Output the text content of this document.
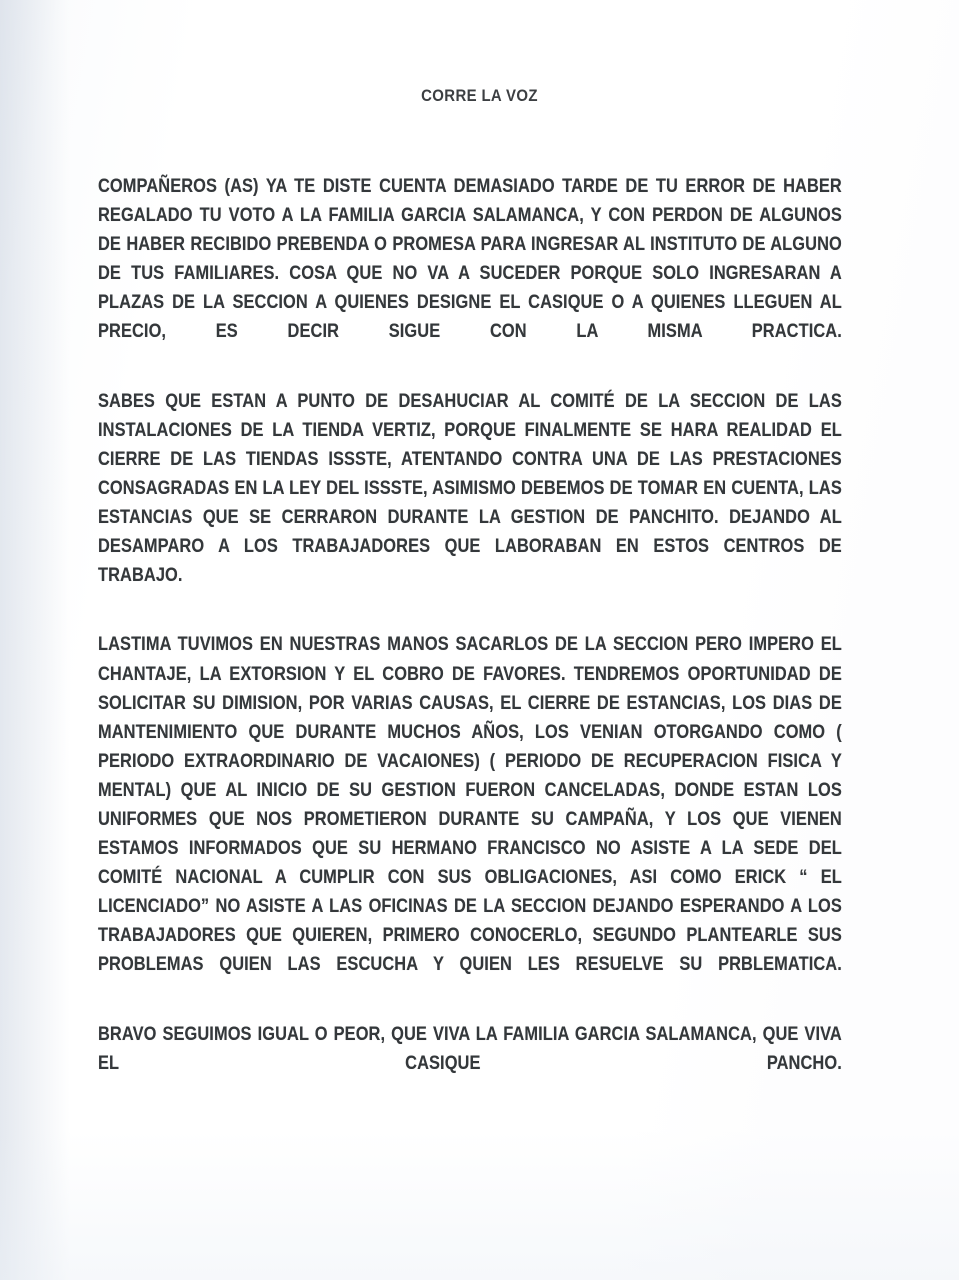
CORRE LA VOZ

COMPAÑEROS (AS) YA TE DISTE CUENTA DEMASIADO TARDE DE TU ERROR DE HABER REGALADO TU VOTO A LA FAMILIA GARCIA SALAMANCA, Y CON PERDON DE ALGUNOS DE HABER RECIBIDO PREBENDA O PROMESA PARA INGRESAR AL INSTITUTO DE ALGUNO DE TUS FAMILIARES. COSA QUE NO VA A SUCEDER PORQUE SOLO INGRESARAN A PLAZAS DE LA SECCION A QUIENES DESIGNE EL CASIQUE O A QUIENES LLEGUEN AL PRECIO, ES DECIR SIGUE CON LA MISMA PRACTICA.

SABES QUE ESTAN A PUNTO DE DESAHUCIAR AL COMITÉ DE LA SECCION DE LAS INSTALACIONES DE LA TIENDA VERTIZ, PORQUE FINALMENTE SE HARA REALIDAD EL CIERRE DE LAS TIENDAS ISSSTE, ATENTANDO CONTRA UNA DE LAS PRESTACIONES CONSAGRADAS EN LA LEY DEL ISSSTE, ASIMISMO DEBEMOS DE TOMAR EN CUENTA, LAS ESTANCIAS QUE SE CERRARON DURANTE LA GESTION DE PANCHITO. DEJANDO AL DESAMPARO A LOS TRABAJADORES QUE LABORABAN EN ESTOS CENTROS DE TRABAJO.

LASTIMA TUVIMOS EN NUESTRAS MANOS SACARLOS DE LA SECCION PERO IMPERO EL CHANTAJE, LA EXTORSION Y EL COBRO DE FAVORES. TENDREMOS OPORTUNIDAD DE SOLICITAR SU DIMISION, POR VARIAS CAUSAS, EL CIERRE DE ESTANCIAS, LOS DIAS DE MANTENIMIENTO QUE DURANTE MUCHOS AÑOS, LOS VENIAN OTORGANDO COMO ( PERIODO EXTRAORDINARIO DE VACAIONES) ( PERIODO DE RECUPERACION FISICA Y MENTAL) QUE AL INICIO DE SU GESTION FUERON CANCELADAS, DONDE ESTAN LOS UNIFORMES QUE NOS PROMETIERON DURANTE SU CAMPAÑA, Y LOS QUE VIENEN ESTAMOS INFORMADOS QUE SU HERMANO FRANCISCO NO ASISTE A LA SEDE DEL COMITÉ NACIONAL A CUMPLIR CON SUS OBLIGACIONES, ASI COMO ERICK “ EL LICENCIADO” NO ASISTE A LAS OFICINAS DE LA SECCION DEJANDO ESPERANDO A LOS TRABAJADORES QUE QUIEREN, PRIMERO CONOCERLO, SEGUNDO PLANTEARLE SUS PROBLEMAS QUIEN LAS ESCUCHA Y QUIEN LES RESUELVE SU PRBLEMATICA.

BRAVO SEGUIMOS IGUAL O PEOR, QUE VIVA LA FAMILIA GARCIA SALAMANCA, QUE VIVA EL CASIQUE PANCHO.
